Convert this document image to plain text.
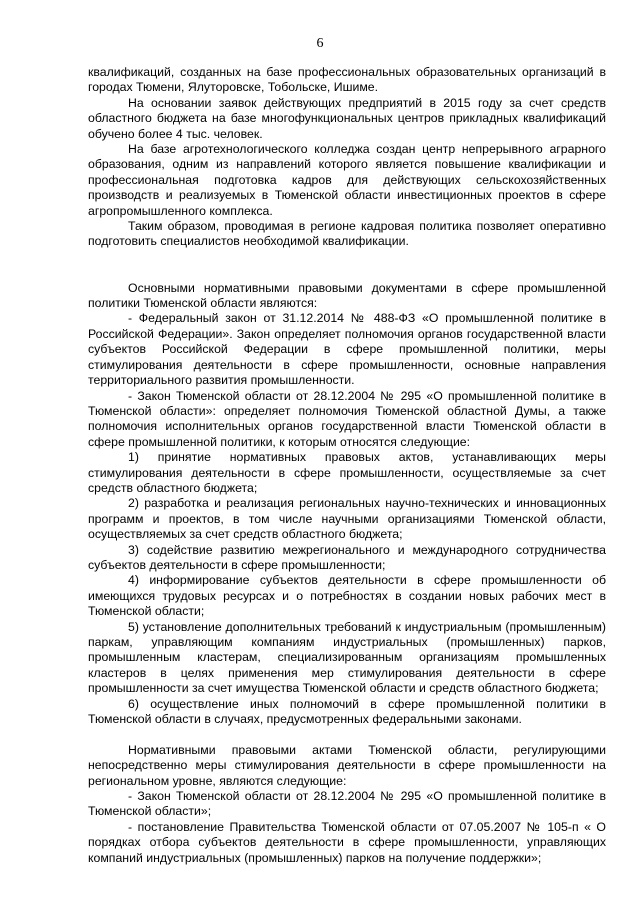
6

квалификаций, созданных на базе профессиональных образовательных организаций в городах Тюмени, Ялуторовске, Тобольске, Ишиме.

На основании заявок действующих предприятий в 2015 году за счет средств областного бюджета на базе многофункциональных центров прикладных квалификаций обучено более 4 тыс. человек.

На базе агротехнологического колледжа создан центр непрерывного аграрного образования, одним из направлений которого является повышение квалификации и профессиональная подготовка кадров для действующих сельскохозяйственных производств и реализуемых в Тюменской области инвестиционных проектов в сфере агропромышленного комплекса.

Таким образом, проводимая в регионе кадровая политика позволяет оперативно подготовить специалистов необходимой квалификации.

Основными нормативными правовыми документами в сфере промышленной политики Тюменской области являются:

- Федеральный закон от 31.12.2014 № 488-ФЗ «О промышленной политике в Российской Федерации». Закон определяет полномочия органов государственной власти субъектов Российской Федерации в сфере промышленной политики, меры стимулирования деятельности в сфере промышленности, основные направления территориального развития промышленности.

- Закон Тюменской области от 28.12.2004 № 295 «О промышленной политике в Тюменской области»: определяет полномочия Тюменской областной Думы, а также полномочия исполнительных органов государственной власти Тюменской области в сфере промышленной политики, к которым относятся следующие:

1) принятие нормативных правовых актов, устанавливающих меры стимулирования деятельности в сфере промышленности, осуществляемые за счет средств областного бюджета;

2) разработка и реализация региональных научно-технических и инновационных программ и проектов, в том числе научными организациями Тюменской области, осуществляемых за счет средств областного бюджета;

3) содействие развитию межрегионального и международного сотрудничества субъектов деятельности в сфере промышленности;

4) информирование субъектов деятельности в сфере промышленности об имеющихся трудовых ресурсах и о потребностях в создании новых рабочих мест в Тюменской области;

5) установление дополнительных требований к индустриальным (промышленным) паркам, управляющим компаниям индустриальных (промышленных) парков, промышленным кластерам, специализированным организациям промышленных кластеров в целях применения мер стимулирования деятельности в сфере промышленности за счет имущества Тюменской области и средств областного бюджета;

6) осуществление иных полномочий в сфере промышленной политики в Тюменской области в случаях, предусмотренных федеральными законами.

Нормативными правовыми актами Тюменской области, регулирующими непосредственно меры стимулирования деятельности в сфере промышленности на региональном уровне, являются следующие:

- Закон Тюменской области от 28.12.2004 № 295 «О промышленной политике в Тюменской области»;

- постановление Правительства Тюменской области от 07.05.2007 № 105-п « О порядках отбора субъектов деятельности в сфере промышленности, управляющих компаний индустриальных (промышленных) парков на получение поддержки»;
